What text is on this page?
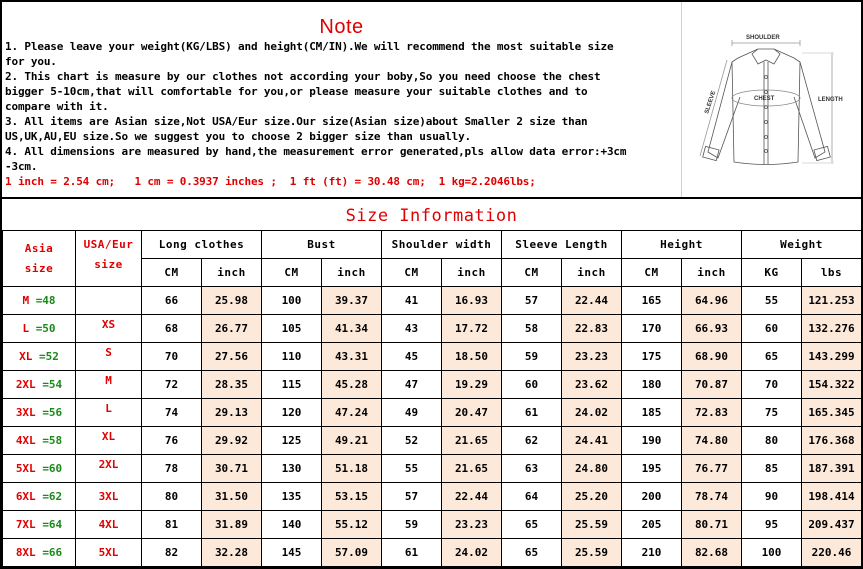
Note
1. Please leave your weight(KG/LBS) and height(CM/IN).We will recommend the most suitable size
for you.
2. This chart is measure by our clothes not according your boby,So you need choose the chest
bigger 5-10cm,that will comfortable for you,or please measure your suitable clothes and to
compare with it.
3. All items are Asian size,Not USA/Eur size.Our size(Asian size)about Smaller 2 size than
US,UK,AU,EU size.So we suggest you to choose 2 bigger size than usually.
4. All dimensions are measured by hand,the measurement error generated,pls allow data error:+3cm
-3cm.
1 inch = 2.54 cm;   1 cm = 0.3937 inches ;  1 ft (ft) = 30.48 cm;  1 kg=2.2046lbs;
SHOULDER
CHEST	LENGTH
SLEEVE
Size Information
Asia
size

USA/Eur
size
	Long clothes	Bust	Shoulder width	Sleeve Length	Height	Weight
		CM	inch	CM	inch	CM	inch	CM	inch	CM	inch	KG	lbs
M =48		66	25.98	100	39.37	41	16.93	57	22.44	165	64.96	55	121.253
L =50	XS	68	26.77	105	41.34	43	17.72	58	22.83	170	66.93	60	132.276
XL =52	S	70	27.56	110	43.31	45	18.50	59	23.23	175	68.90	65	143.299
2XL =54	M	72	28.35	115	45.28	47	19.29	60	23.62	180	70.87	70	154.322
3XL =56	L	74	29.13	120	47.24	49	20.47	61	24.02	185	72.83	75	165.345
4XL =58	XL	76	29.92	125	49.21	52	21.65	62	24.41	190	74.80	80	176.368
5XL =60	2XL	78	30.71	130	51.18	55	21.65	63	24.80	195	76.77	85	187.391
6XL =62	3XL	80	31.50	135	53.15	57	22.44	64	25.20	200	78.74	90	198.414
7XL =64	4XL	81	31.89	140	55.12	59	23.23	65	25.59	205	80.71	95	209.437
8XL =66	5XL	82	32.28	145	57.09	61	24.02	65	25.59	210	82.68	100	220.46
